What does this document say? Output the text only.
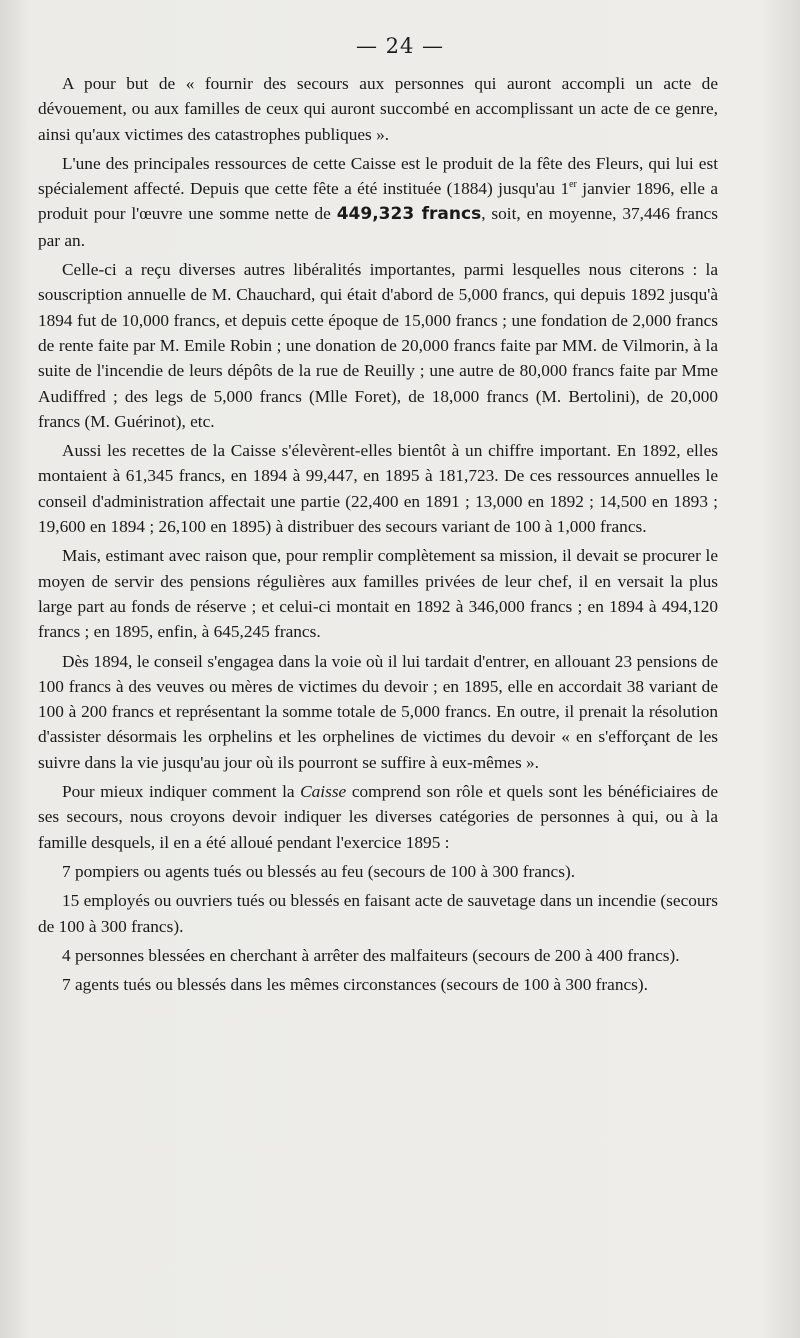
— 24 —

A pour but de « fournir des secours aux personnes qui auront accompli un acte de dévouement, ou aux familles de ceux qui auront succombé en accomplissant un acte de ce genre, ainsi qu'aux victimes des catastrophes publiques ».

L'une des principales ressources de cette Caisse est le produit de la fête des Fleurs, qui lui est spécialement affecté. Depuis que cette fête a été instituée (1884) jusqu'au 1er janvier 1896, elle a produit pour l'œuvre une somme nette de 449,323 francs, soit, en moyenne, 37,446 francs par an.

Celle-ci a reçu diverses autres libéralités importantes, parmi lesquelles nous citerons : la souscription annuelle de M. Chauchard, qui était d'abord de 5,000 francs, qui depuis 1892 jusqu'à 1894 fut de 10,000 francs, et depuis cette époque de 15,000 francs ; une fondation de 2,000 francs de rente faite par M. Emile Robin ; une donation de 20,000 francs faite par MM. de Vilmorin, à la suite de l'incendie de leurs dépôts de la rue de Reuilly ; une autre de 80,000 francs faite par Mme Audiffred ; des legs de 5,000 francs (Mlle Foret), de 18,000 francs (M. Bertolini), de 20,000 francs (M. Guérinot), etc.

Aussi les recettes de la Caisse s'élevèrent-elles bientôt à un chiffre important. En 1892, elles montaient à 61,345 francs, en 1894 à 99,447, en 1895 à 181,723. De ces ressources annuelles le conseil d'administration affectait une partie (22,400 en 1891 ; 13,000 en 1892 ; 14,500 en 1893 ; 19,600 en 1894 ; 26,100 en 1895) à distribuer des secours variant de 100 à 1,000 francs.

Mais, estimant avec raison que, pour remplir complètement sa mission, il devait se procurer le moyen de servir des pensions régulières aux familles privées de leur chef, il en versait la plus large part au fonds de réserve ; et celui-ci montait en 1892 à 346,000 francs ; en 1894 à 494,120 francs ; en 1895, enfin, à 645,245 francs.

Dès 1894, le conseil s'engagea dans la voie où il lui tardait d'entrer, en allouant 23 pensions de 100 francs à des veuves ou mères de victimes du devoir ; en 1895, elle en accordait 38 variant de 100 à 200 francs et représentant la somme totale de 5,000 francs. En outre, il prenait la résolution d'assister désormais les orphelins et les orphelines de victimes du devoir « en s'efforçant de les suivre dans la vie jusqu'au jour où ils pourront se suffire à eux-mêmes ».

Pour mieux indiquer comment la Caisse comprend son rôle et quels sont les bénéficiaires de ses secours, nous croyons devoir indiquer les diverses catégories de personnes à qui, ou à la famille desquels, il en a été alloué pendant l'exercice 1895 :

7 pompiers ou agents tués ou blessés au feu (secours de 100 à 300 francs).

15 employés ou ouvriers tués ou blessés en faisant acte de sauvetage dans un incendie (secours de 100 à 300 francs).

4 personnes blessées en cherchant à arrêter des malfaiteurs (secours de 200 à 400 francs).

7 agents tués ou blessés dans les mêmes circonstances (secours de 100 à 300 francs).
